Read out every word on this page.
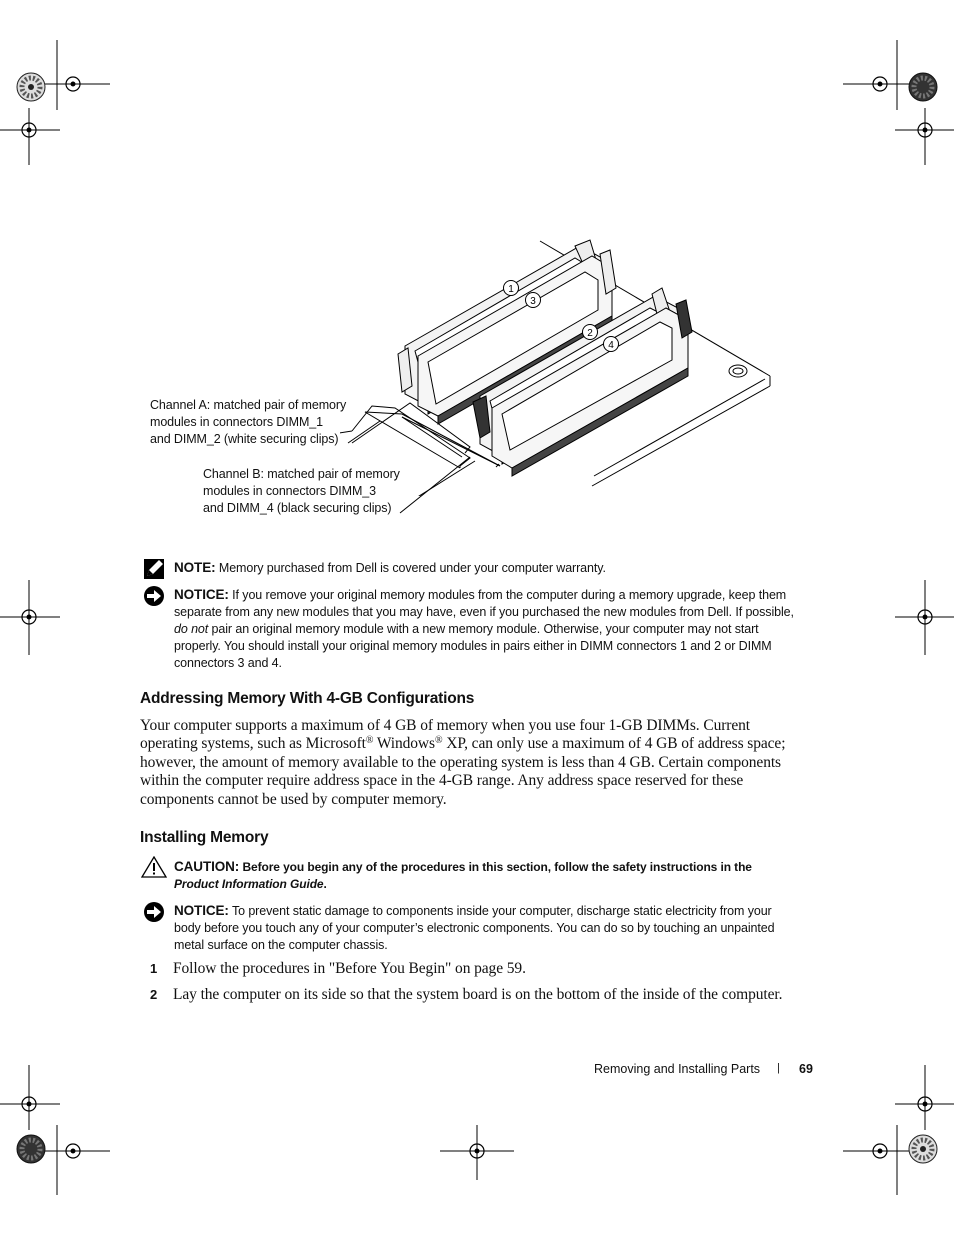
1
3
2
4
Channel A: matched pair of memory
modules in connectors DIMM_1
and DIMM_2 (white securing clips)
Channel B: matched pair of memory
modules in connectors DIMM_3
and DIMM_4 (black securing clips)
NOTE: Memory purchased from Dell is covered under your computer warranty.
NOTICE: If you remove your original memory modules from the computer during a memory upgrade, keep them
separate from any new modules that you may have, even if you purchased the new modules from Dell. If possible,
do not pair an original memory module with a new memory module. Otherwise, your computer may not start
properly. You should install your original memory modules in pairs either in DIMM connectors 1 and 2 or DIMM
connectors 3 and 4.
Addressing Memory With 4-GB Configurations
Your computer supports a maximum of 4 GB of memory when you use four 1-GB DIMMs. Current
operating systems, such as Microsoft® Windows® XP, can only use a maximum of 4 GB of address space;
however, the amount of memory available to the operating system is less than 4 GB. Certain components
within the computer require address space in the 4-GB range. Any address space reserved for these
components cannot be used by computer memory.
Installing Memory
CAUTION: Before you begin any of the procedures in this section, follow the safety instructions in the
Product Information Guide.
NOTICE: To prevent static damage to components inside your computer, discharge static electricity from your
body before you touch any of your computer’s electronic components. You can do so by touching an unpainted
metal surface on the computer chassis.
1 Follow the procedures in "Before You Begin" on page 59.
2 Lay the computer on its side so that the system board is on the bottom of the inside of the computer.
Removing and Installing Parts | 69
